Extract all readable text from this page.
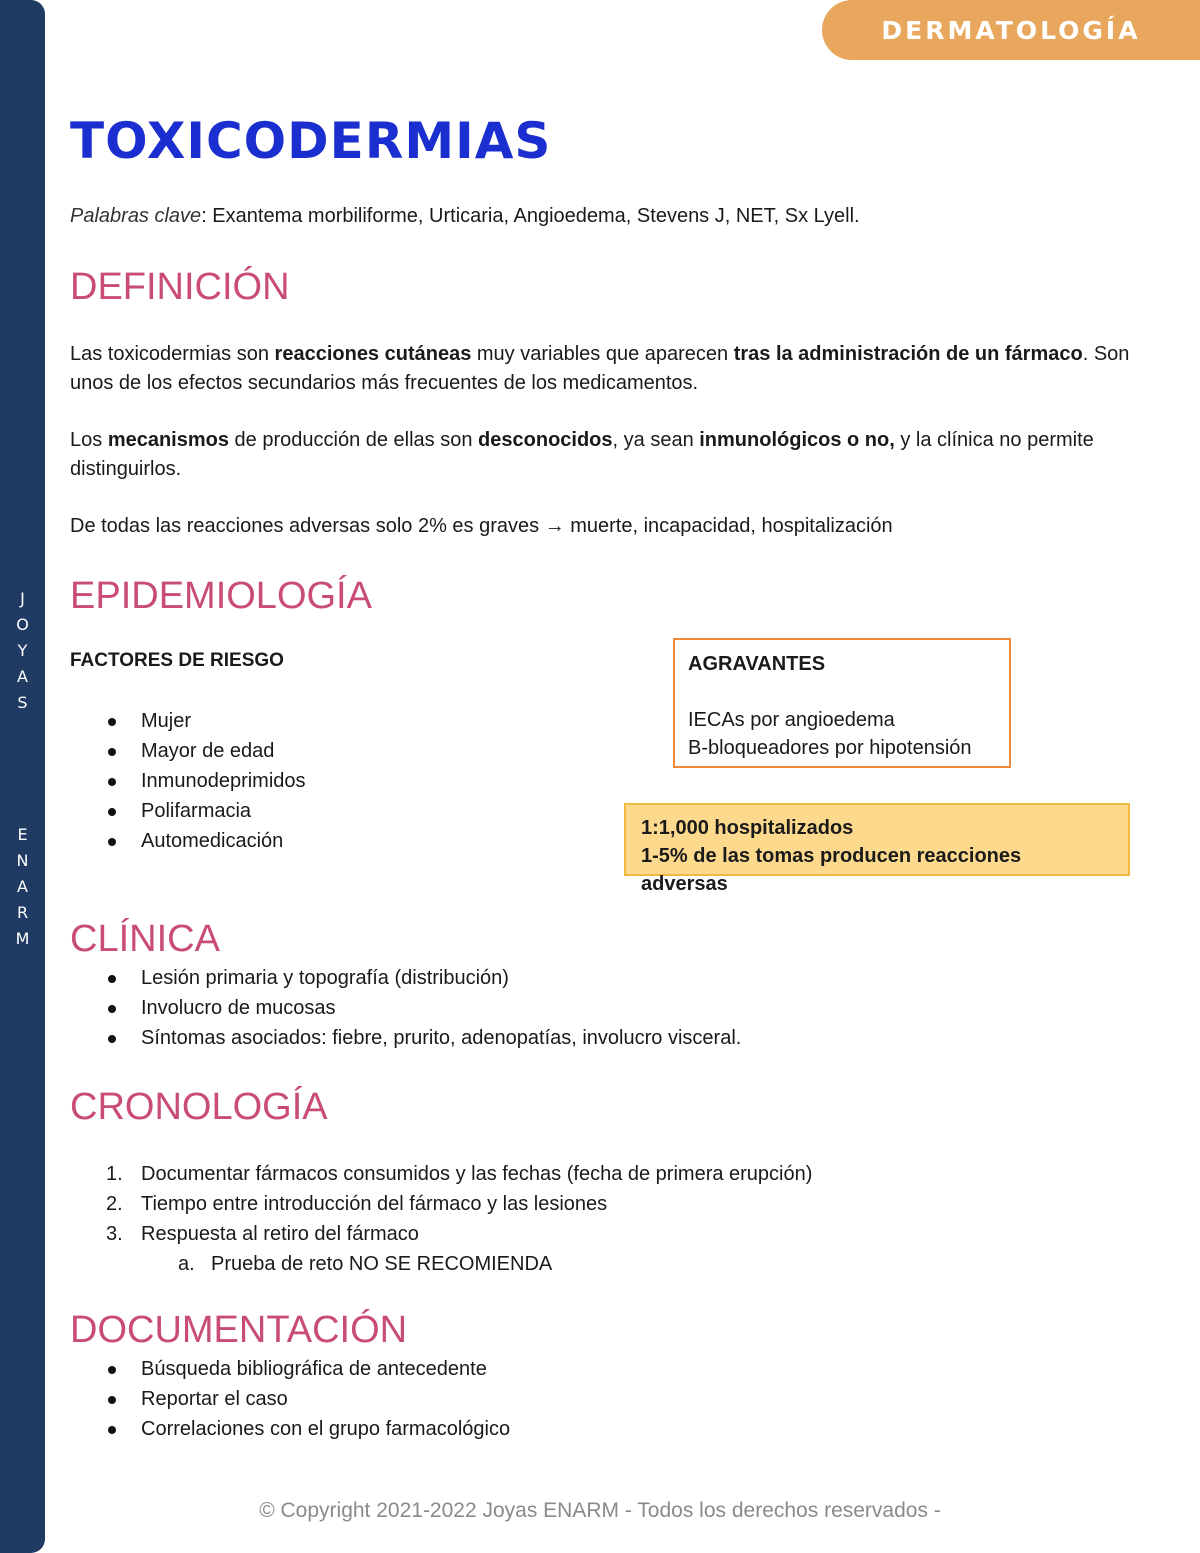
J
O
Y
A
S
E
N
A
R
M
DERMATOLOGÍA
TOXICODERMIAS
Palabras clave: Exantema morbiliforme, Urticaria, Angioedema, Stevens J, NET, Sx Lyell.
DEFINICIÓN

Las toxicodermias son reacciones cutáneas muy variables que aparecen tras la administración de un fármaco. Son unos de los efectos secundarios más frecuentes de los medicamentos.

Los mecanismos de producción de ellas son desconocidos, ya sean inmunológicos o no, y la clínica no permite distinguirlos.

De todas las reacciones adversas solo 2% es graves → muerte, incapacidad, hospitalización

EPIDEMIOLOGÍA
FACTORES DE RIESGO
Mujer
Mayor de edad
Inmunodeprimidos
Polifarmacia
Automedicación
AGRAVANTES
IECAs por angioedema
B-bloqueadores por hipotensión
1:1,000 hospitalizados
1-5% de las tomas producen reacciones adversas
CLÍNICA
Lesión primaria y topografía (distribución)
Involucro de mucosas
Síntomas asociados: fiebre, prurito, adenopatías, involucro visceral.
CRONOLOGÍA
1. Documentar fármacos consumidos y las fechas (fecha de primera erupción)
2. Tiempo entre introducción del fármaco y las lesiones
3. Respuesta al retiro del fármaco
a. Prueba de reto NO SE RECOMIENDA
DOCUMENTACIÓN
Búsqueda bibliográfica de antecedente
Reportar el caso
Correlaciones con el grupo farmacológico
© Copyright 2021-2022 Joyas ENARM - Todos los derechos reservados -
